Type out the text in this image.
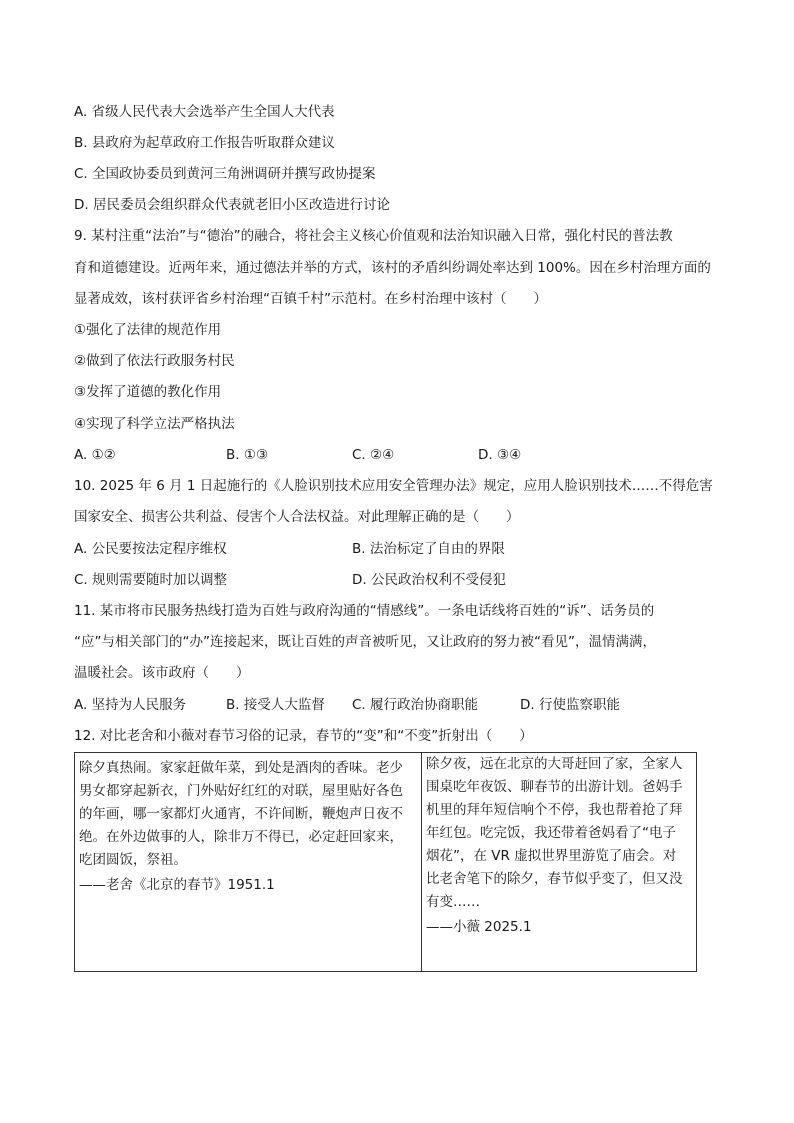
A. 省级人民代表大会选举产生全国人大代表
B. 县政府为起草政府工作报告听取群众建议
C. 全国政协委员到黄河三角洲调研并撰写政协提案
D. 居民委员会组织群众代表就老旧小区改造进行讨论
9. 某村注重“法治”与“德治”的融合，将社会主义核心价值观和法治知识融入日常，强化村民的普法教
育和道德建设。近两年来，通过德法并举的方式，该村的矛盾纠纷调处率达到 100%。因在乡村治理方面的
显著成效，该村获评省乡村治理“百镇千村”示范村。在乡村治理中该村（　　）
①强化了法律的规范作用
②做到了依法行政服务村民
③发挥了道德的教化作用
④实现了科学立法严格执法
A. ①②	B. ①③	C. ②④	D. ③④
10. 2025 年 6 月 1 日起施行的《人脸识别技术应用安全管理办法》规定，应用人脸识别技术……不得危害
国家安全、损害公共利益、侵害个人合法权益。对此理解正确的是（　　）
A. 公民要按法定程序维权	B. 法治标定了自由的界限
C. 规则需要随时加以调整	D. 公民政治权利不受侵犯
11. 某市将市民服务热线打造为百姓与政府沟通的“情感线”。一条电话线将百姓的“诉”、话务员的
“应”与相关部门的“办”连接起来，既让百姓的声音被听见，又让政府的努力被“看见”，温情满满，
温暖社会。该市政府（　　）
A. 坚持为人民服务	B. 接受人大监督 C. 履行政治协商职能	D. 行使监察职能
12. 对比老舍和小薇对春节习俗的记录，春节的“变”和“不变”折射出（　　）
除夕真热闹。家家赶做年菜，到处是酒肉的香味。老少
男女都穿起新衣，门外贴好红红的对联，屋里贴好各色
的年画，哪一家都灯火通宵，不许间断，鞭炮声日夜不
绝。在外边做事的人，除非万不得已，必定赶回家来，
吃团圆饭，祭祖。
——老舍《北京的春节》1951.1

除夕夜，远在北京的大哥赶回了家，全家人
围桌吃年夜饭、聊春节的出游计划。爸妈手
机里的拜年短信响个不停，我也帮着抢了拜
年红包。吃完饭，我还带着爸妈看了“电子
烟花”，在 VR 虚拟世界里游览了庙会。对
比老舍笔下的除夕，春节似乎变了，但又没
有变……
——小薇 2025.1
